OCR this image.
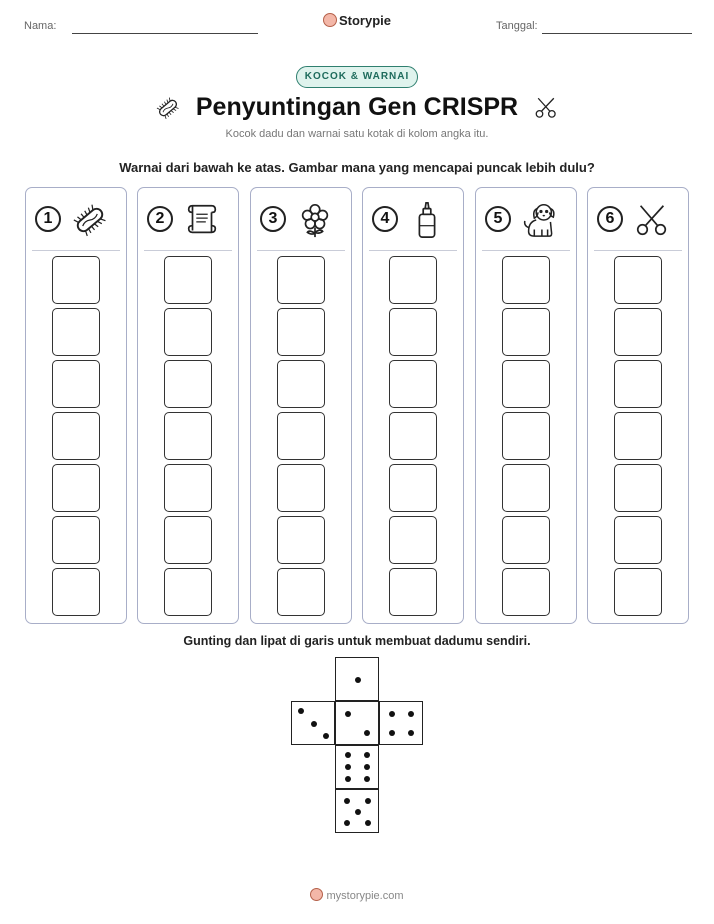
Nama:	Storypie	Tanggal:
KOCOK & WARNAI
Penyuntingan Gen CRISPR
Kocok dadu dan warnai satu kotak di kolom angka itu.
Warnai dari bawah ke atas. Gambar mana yang mencapai puncak lebih dulu?
1	2	3	4	5	6
Gunting dan lipat di garis untuk membuat dadumu sendiri.
mystorypie.com
